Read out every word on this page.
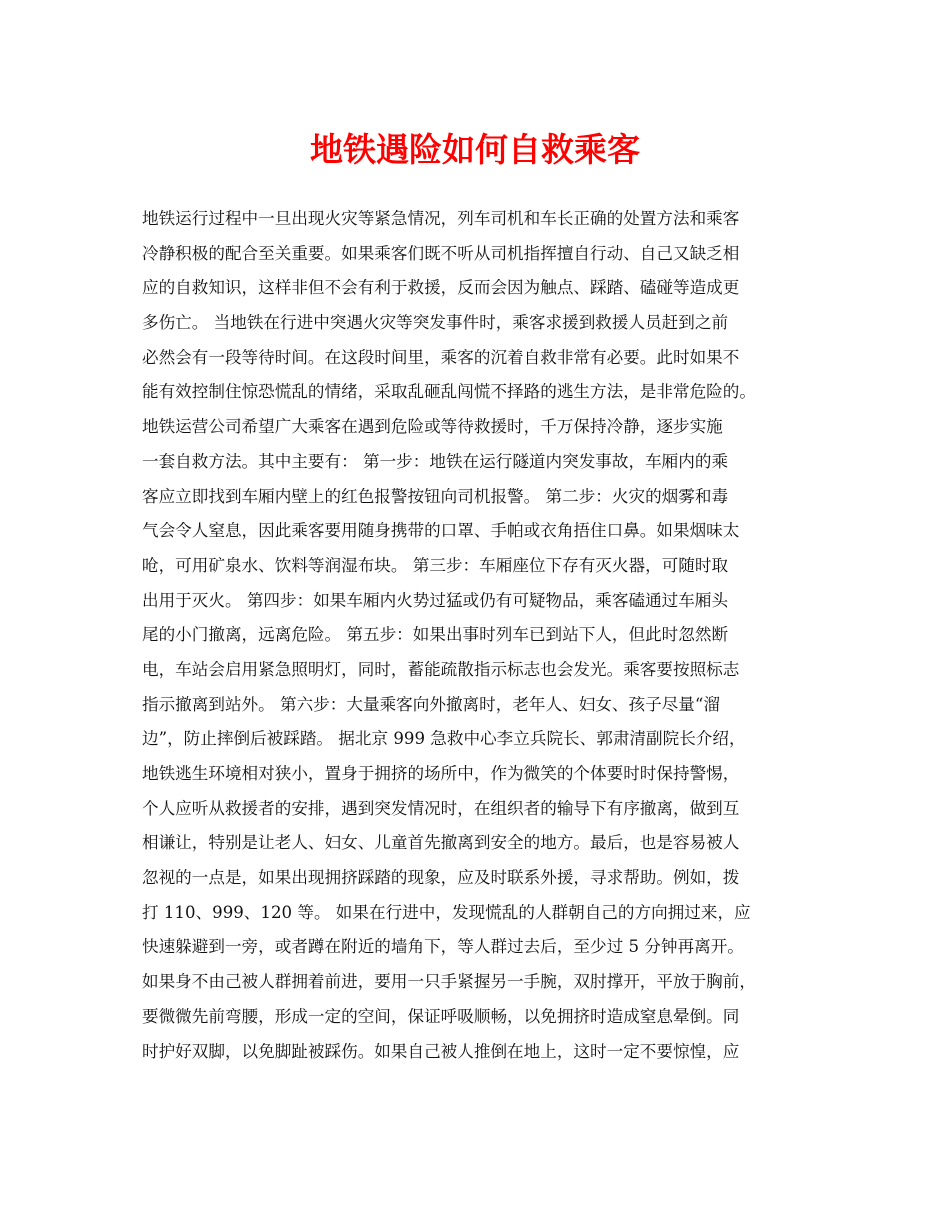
地铁遇险如何自救乘客

地铁运行过程中一旦出现火灾等紧急情况，列车司机和车长正确的处置方法和乘客

冷静积极的配合至关重要。如果乘客们既不听从司机指挥擅自行动、自己又缺乏相

应的自救知识，这样非但不会有利于救援，反而会因为触点、踩踏、磕碰等造成更

多伤亡。 当地铁在行进中突遇火灾等突发事件时，乘客求援到救援人员赶到之前

必然会有一段等待时间。在这段时间里，乘客的沉着自救非常有必要。此时如果不

能有效控制住惊恐慌乱的情绪，采取乱砸乱闯慌不择路的逃生方法，是非常危险的。

地铁运营公司希望广大乘客在遇到危险或等待救援时，千万保持冷静，逐步实施

一套自救方法。其中主要有： 第一步：地铁在运行隧道内突发事故，车厢内的乘

客应立即找到车厢内壁上的红色报警按钮向司机报警。 第二步：火灾的烟雾和毒

气会令人窒息，因此乘客要用随身携带的口罩、手帕或衣角捂住口鼻。如果烟味太

呛，可用矿泉水、饮料等润湿布块。 第三步：车厢座位下存有灭火器，可随时取

出用于灭火。 第四步：如果车厢内火势过猛或仍有可疑物品，乘客磕通过车厢头

尾的小门撤离，远离危险。 第五步：如果出事时列车已到站下人，但此时忽然断

电，车站会启用紧急照明灯，同时，蓄能疏散指示标志也会发光。乘客要按照标志

指示撤离到站外。 第六步：大量乘客向外撤离时，老年人、妇女、孩子尽量“溜

边”，防止摔倒后被踩踏。 据北京 999 急救中心李立兵院长、郭肃清副院长介绍，

地铁逃生环境相对狭小，置身于拥挤的场所中，作为微笑的个体要时时保持警惕，

个人应听从救援者的安排，遇到突发情况时，在组织者的输导下有序撤离，做到互

相谦让，特别是让老人、妇女、儿童首先撤离到安全的地方。最后，也是容易被人

忽视的一点是，如果出现拥挤踩踏的现象，应及时联系外援，寻求帮助。例如，拨

打 110、999、120 等。 如果在行进中，发现慌乱的人群朝自己的方向拥过来，应

快速躲避到一旁，或者蹲在附近的墙角下，等人群过去后，至少过 5 分钟再离开。

如果身不由己被人群拥着前进，要用一只手紧握另一手腕，双肘撑开，平放于胸前，

要微微先前弯腰，形成一定的空间，保证呼吸顺畅，以免拥挤时造成窒息晕倒。同

时护好双脚，以免脚趾被踩伤。如果自己被人推倒在地上，这时一定不要惊惶，应
